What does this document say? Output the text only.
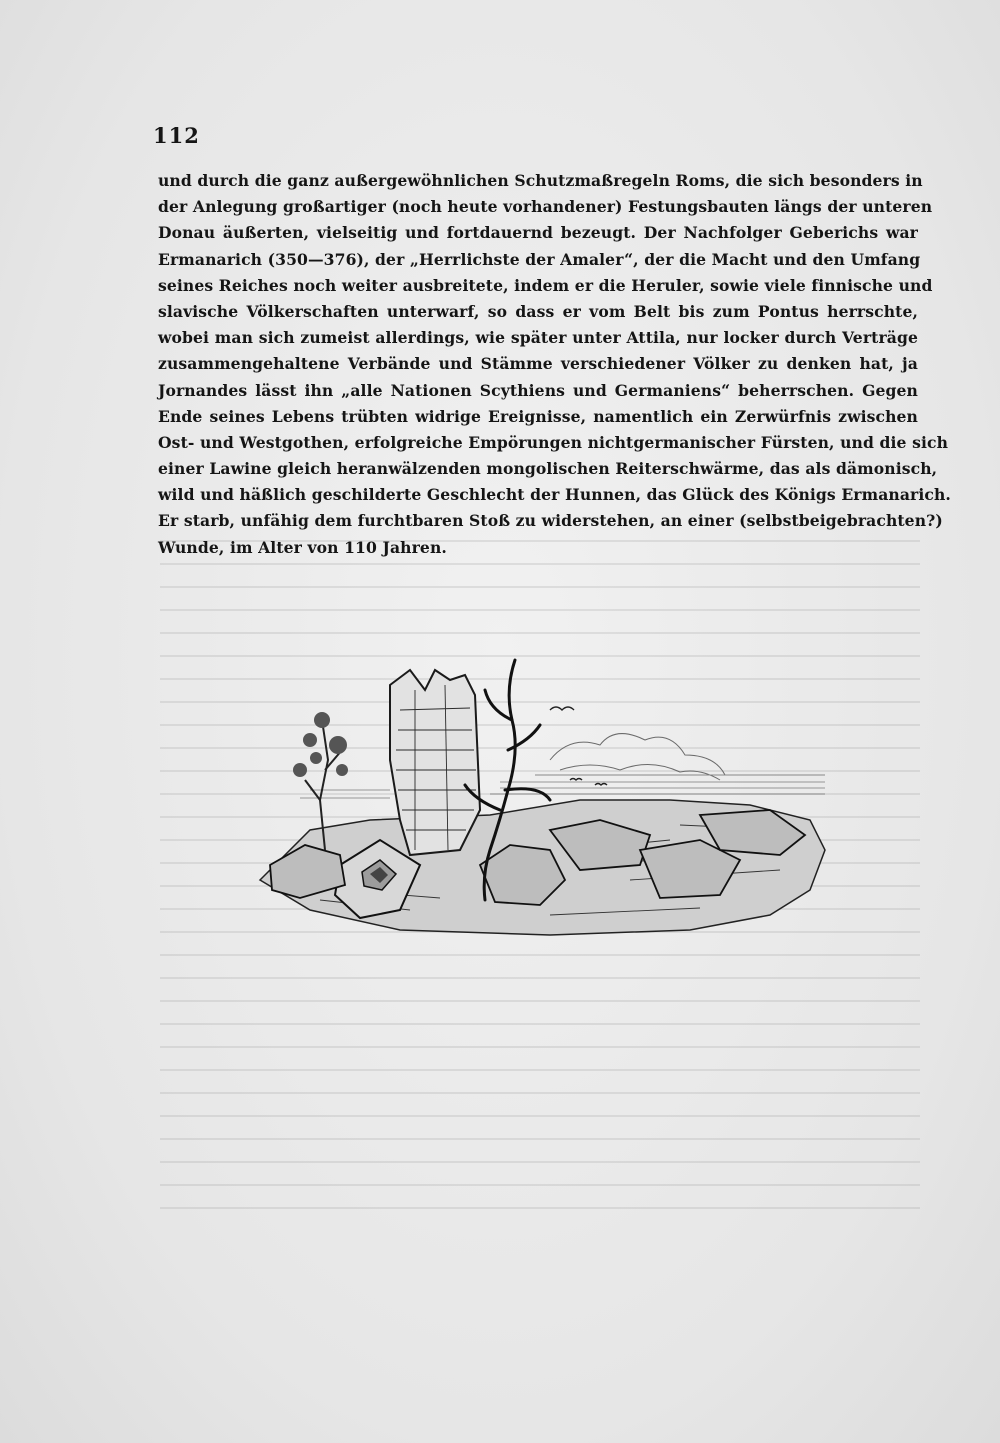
112
und durch die ganz außergewöhnlichen Schutzmaßregeln Roms, die sich besonders in
der Anlegung großartiger (noch heute vorhandener) Festungsbauten längs der unteren
Donau äußerten, vielseitig und fortdauernd bezeugt. Der Nachfolger Geberichs war
Ermanarich (350—376), der „Herrlichste der Amaler“, der die Macht und den Umfang
seines Reiches noch weiter ausbreitete, indem er die Heruler, sowie viele finnische und
slavische Völkerschaften unterwarf, so dass er vom Belt bis zum Pontus herrschte,
wobei man sich zumeist allerdings, wie später unter Attila, nur locker durch Verträge
zusammengehaltene Verbände und Stämme verschiedener Völker zu denken hat, ja
Jornandes lässt ihn „alle Nationen Scythiens und Germaniens“ beherrschen. Gegen
Ende seines Lebens trübten widrige Ereignisse, namentlich ein Zerwürfnis zwischen
Ost- und Westgothen, erfolgreiche Empörungen nichtgermanischer Fürsten, und die sich
einer Lawine gleich heranwälzenden mongolischen Reiterschwärme, das als dämonisch,
wild und häßlich geschilderte Geschlecht der Hunnen, das Glück des Königs Ermanarich.
Er starb, unfähig dem furchtbaren Stoß zu widerstehen, an einer (selbstbeigebrachten?)
Wunde, im Alter von 110 Jahren.
